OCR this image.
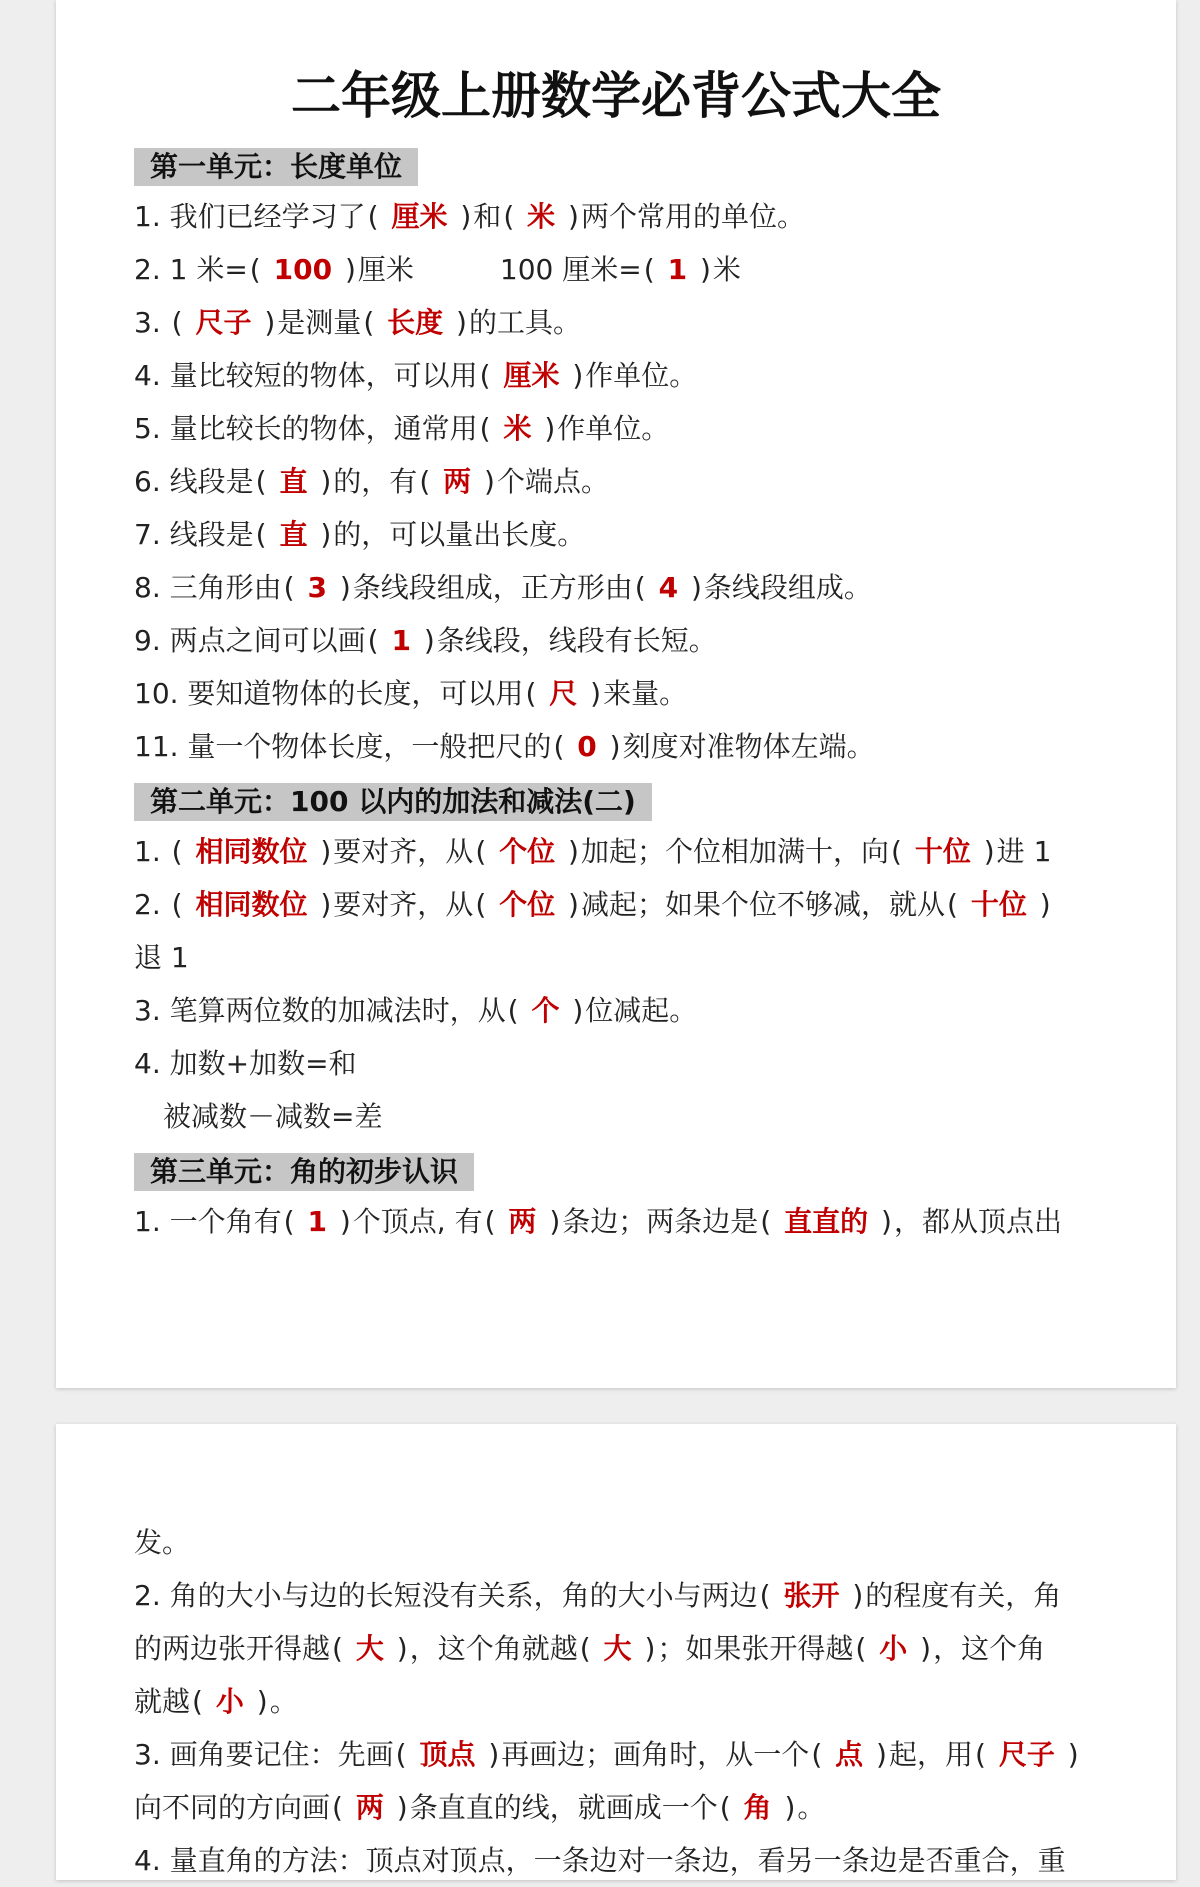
二年级上册数学必背公式大全
第一单元：长度单位
1. 我们已经学习了 ( 厘米 ) 和 ( 米 ) 两个常用的单位。
2. 1 米= ( 100 ) 厘米	100 厘米= ( 1 ) 米
3. ( 尺子 ) 是测量 ( 长度 ) 的工具。
4. 量比较短的物体，可以用 ( 厘米 ) 作单位。
5. 量比较长的物体，通常用 ( 米 ) 作单位。
6. 线段是 ( 直 ) 的，有 ( 两 ) 个端点。
7. 线段是 ( 直 ) 的，可以量出长度。
8. 三角形由 ( 3 ) 条线段组成，正方形由 ( 4 ) 条线段组成。
9. 两点之间可以画 ( 1 ) 条线段，线段有长短。
10. 要知道物体的长度，可以用 ( 尺 ) 来量。
11. 量一个物体长度，一般把尺的 ( 0 ) 刻度对准物体左端。
第二单元：100 以内的加法和减法(二)
1. ( 相同数位 ) 要对齐，从 ( 个位 ) 加起；个位相加满十，向 ( 十位 ) 进 1
2. ( 相同数位 ) 要对齐，从 ( 个位 ) 减起；如果个位不够减，就从 ( 十位 )
退 1
3. 笔算两位数的加减法时，从 ( 个 ) 位减起。
4. 加数+加数=和
被减数－减数=差
第三单元：角的初步认识
1. 一个角有 ( 1 ) 个顶点, 有 ( 两 ) 条边；两条边是 ( 直直的 ) ，都从顶点出
发。
2. 角的大小与边的长短没有关系，角的大小与两边 ( 张开 ) 的程度有关，角
的两边张开得越 ( 大 ) ，这个角就越 ( 大 ) ；如果张开得越 ( 小 ) ，这个角
就越 ( 小 ) 。
3. 画角要记住：先画 ( 顶点 ) 再画边；画角时，从一个 ( 点 ) 起，用 ( 尺子 )
向不同的方向画 ( 两 ) 条直直的线，就画成一个 ( 角 ) 。
4. 量直角的方法：顶点对顶点，一条边对一条边，看另一条边是否重合，重
